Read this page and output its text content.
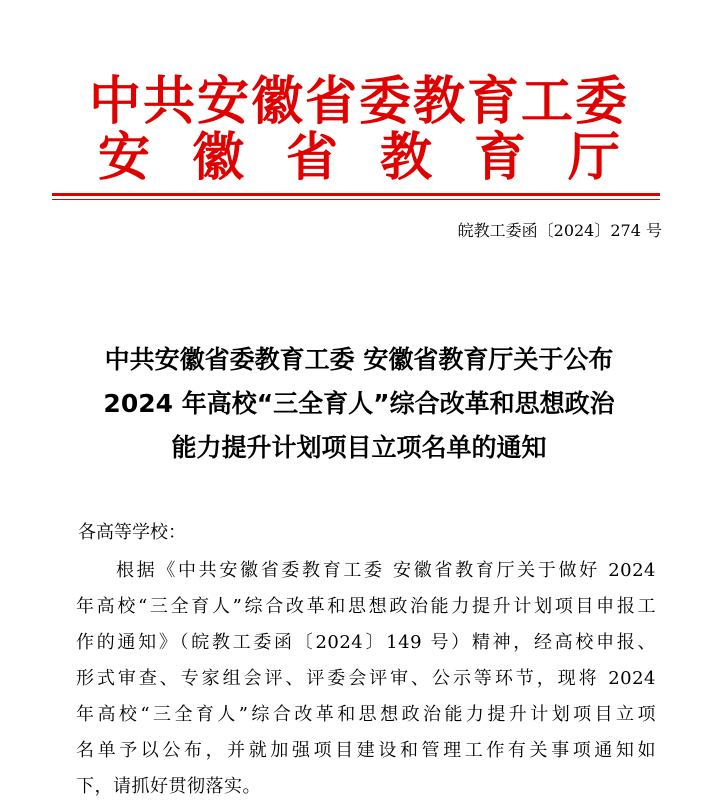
中共安徽省委教育工委
安 徽 省 教 育 厅
皖教工委函〔2024〕274 号
中共安徽省委教育工委 安徽省教育厅关于公布
2024 年高校“三全育人”综合改革和思想政治
能力提升计划项目立项名单的通知
各高等学校：
根据《中共安徽省委教育工委 安徽省教育厅关于做好 2024
年高校“三全育人”综合改革和思想政治能力提升计划项目申报工
作的通知》（皖教工委函〔2024〕149 号）精神，经高校申报、
形式审查、专家组会评、评委会评审、公示等环节，现将 2024
年高校“三全育人”综合改革和思想政治能力提升计划项目立项
名单予以公布，并就加强项目建设和管理工作有关事项通知如
下，请抓好贯彻落实。
